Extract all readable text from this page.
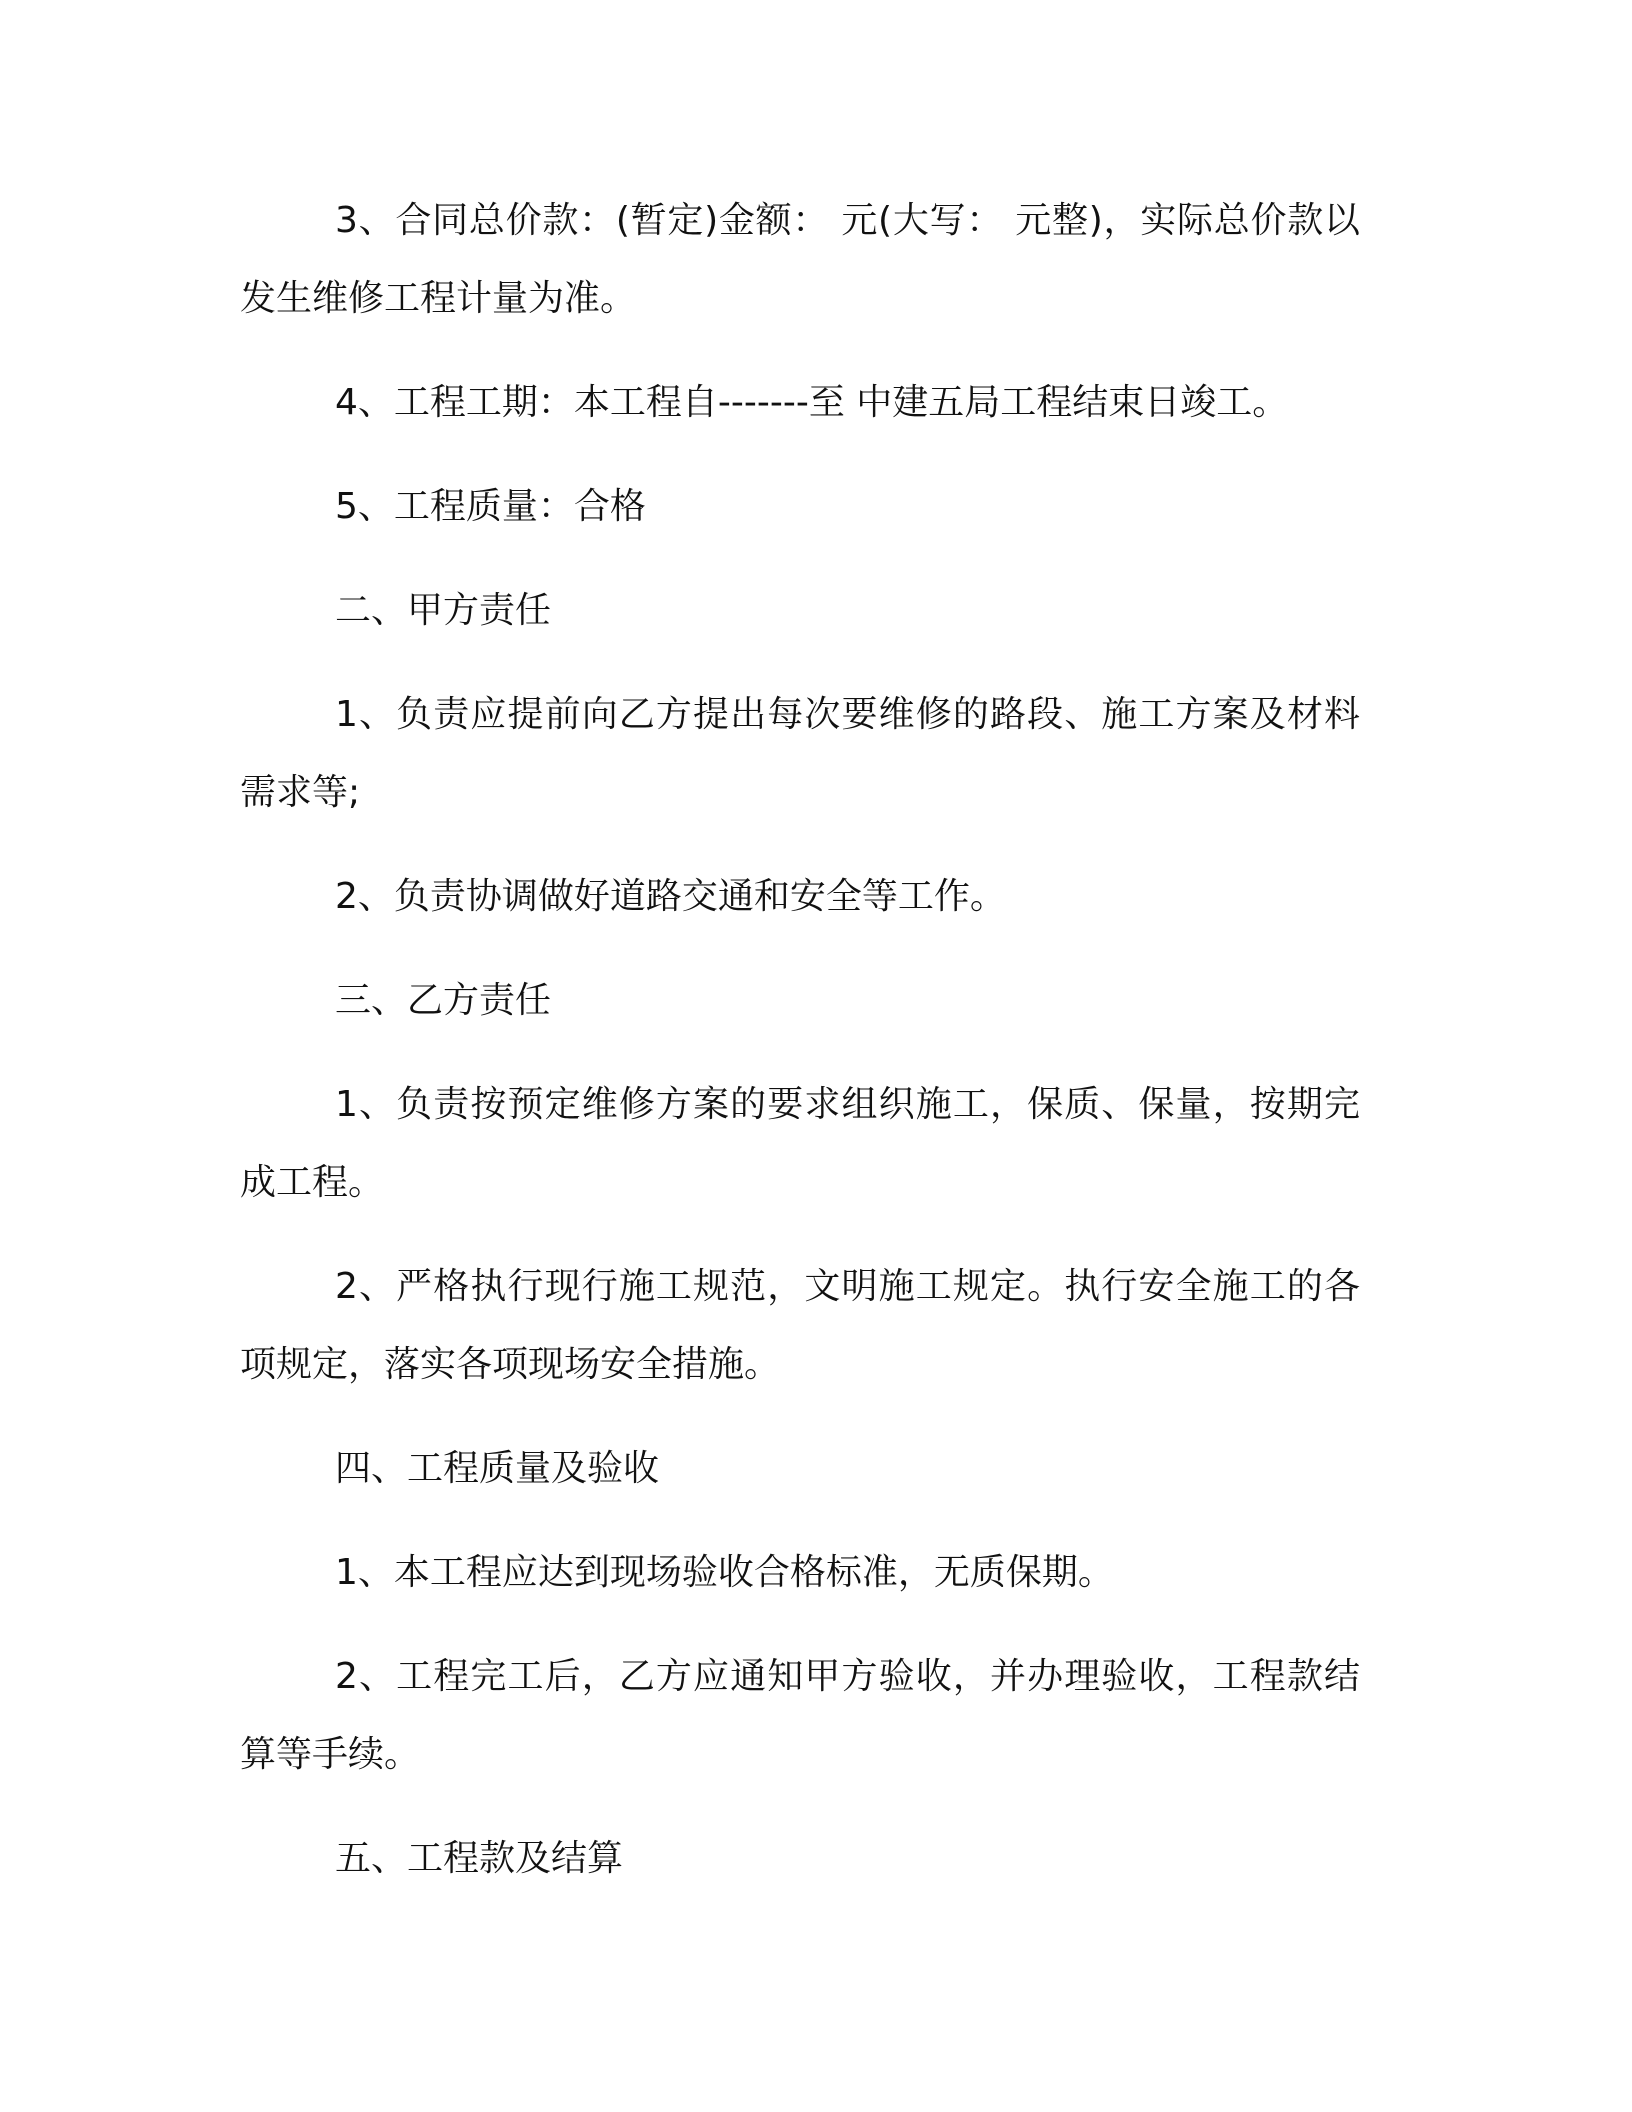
3、合同总价款：(暂定)金额： 元(大写： 元整)，实际总价款以发生维修工程计量为准。

4、工程工期：本工程自-------至 中建五局工程结束日竣工。

5、工程质量：合格

二、甲方责任

1、负责应提前向乙方提出每次要维修的路段、施工方案及材料需求等;

2、负责协调做好道路交通和安全等工作。

三、乙方责任

1、负责按预定维修方案的要求组织施工，保质、保量，按期完成工程。

2、严格执行现行施工规范，文明施工规定。执行安全施工的各项规定，落实各项现场安全措施。

四、工程质量及验收

1、本工程应达到现场验收合格标准，无质保期。

2、工程完工后，乙方应通知甲方验收，并办理验收，工程款结算等手续。

五、工程款及结算
